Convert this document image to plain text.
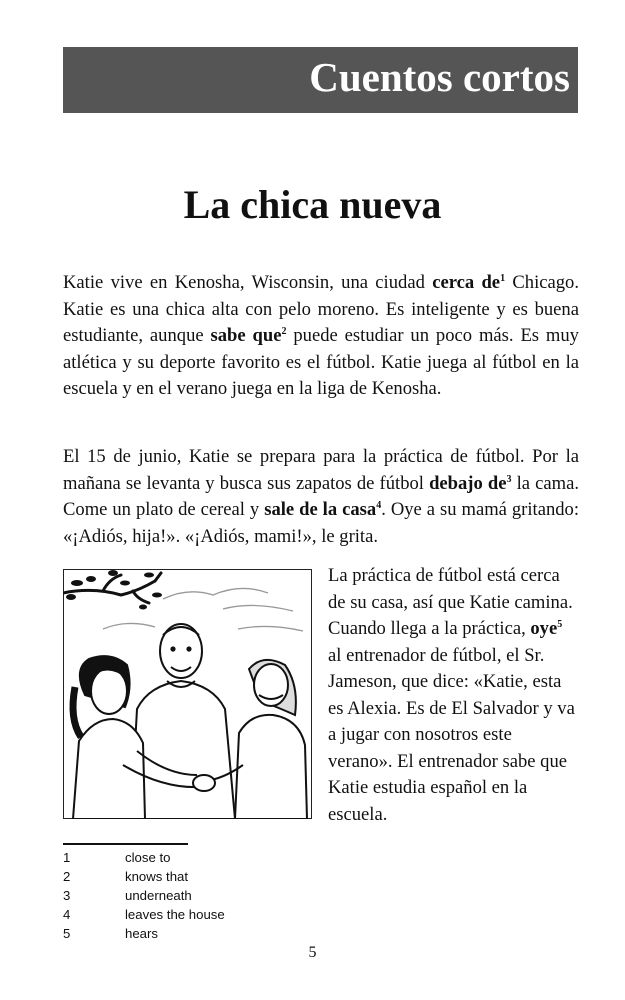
Cuentos cortos
La chica nueva

Katie vive en Kenosha, Wisconsin, una ciudad cerca $de^1$ Chicago. Katie es una chica alta con pelo moreno. Es inteligente y es buena estudiante, aunque sabe que$^2$ puede estudiar un poco más. Es muy atlética y su deporte favorito es el fútbol. Katie juega al fútbol en la escuela y en el verano juega en la liga de Kenosha.

El 15 de junio, Katie se prepara para la práctica de fútbol. Por la mañana se levanta y busca sus zapatos de fútbol debajo $de^3$ la cama. Come un plato de cereal y sale de la casa$^4$. Oye a su mamá gritando: «¡Adiós, hija!». «¡Adiós, mami!», le grita.

La práctica de fútbol está cerca de su casa, así que Katie camina. Cuando llega a la práctica, oye$^5$ al entrenador de fútbol, el Sr. Jameson, que dice: «Katie, esta es Alexia. Es de El Salvador y va a jugar con nosotros este verano». El entrenador sabe que Katie estudia español en la escuela.

1	close to
2	knows that
3	underneath
4	leaves the house
5	hears
5
